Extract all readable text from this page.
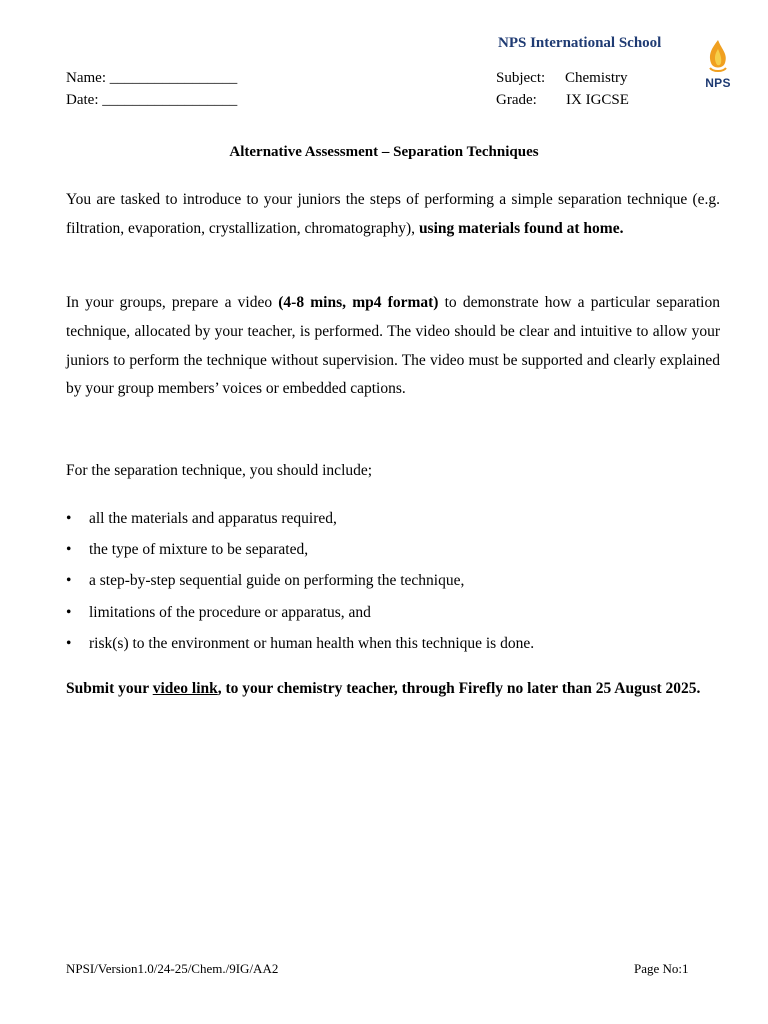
NPS International School
NPS
Name: _________________
Date: __________________
Subject: Chemistry
Grade: IX IGCSE
Alternative Assessment – Separation Techniques
You are tasked to introduce to your juniors the steps of performing a simple separation technique (e.g. filtration, evaporation, crystallization, chromatography), using materials found at home.
In your groups, prepare a video (4-8 mins, mp4 format) to demonstrate how a particular separation technique, allocated by your teacher, is performed. The video should be clear and intuitive to allow your juniors to perform the technique without supervision. The video must be supported and clearly explained by your group members’ voices or embedded captions.
For the separation technique, you should include;
• all the materials and apparatus required,
• the type of mixture to be separated,
• a step-by-step sequential guide on performing the technique,
• limitations of the procedure or apparatus, and
• risk(s) to the environment or human health when this technique is done.
Submit your video link, to your chemistry teacher, through Firefly no later than 25 August 2025.
NPSI/Version1.0/24-25/Chem./9IG/AA2	Page No:1
